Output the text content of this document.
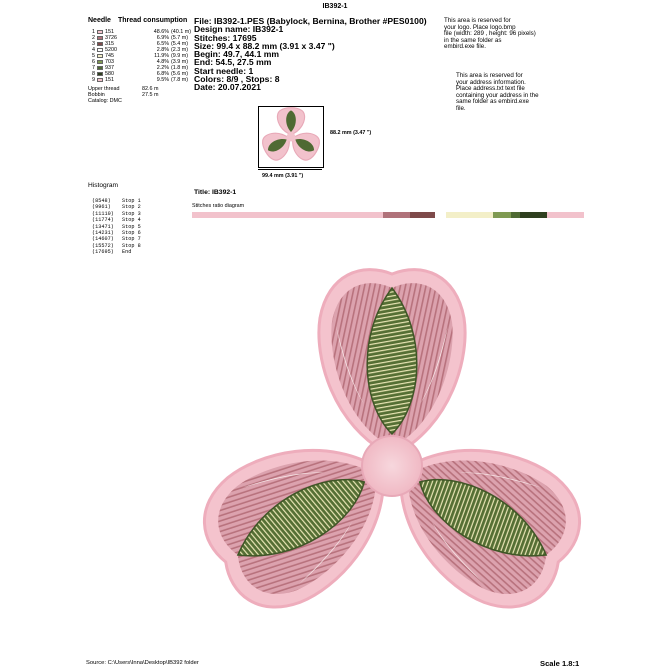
IB392-1
Needle Thread consumption
1 151	48.6% (40.1 m)
2 3726	6.9% (5.7 m)
3 315	6.5% (5.4 m)
4 5200	2.8% (2.3 m)
5 745	11.9% (9.9 m)
6 703	4.8% (3.9 m)
7 937	2.2% (1.8 m)
8 580	6.8% (5.6 m)
9 151	9.5% (7.8 m)
Upper thread	82.6 m
Bobbin	27.5 m
Catalog: DMC
File: IB392-1.PES (Babylock, Bernina, Brother #PES0100)
Design name: IB392-1
Stitches: 17695
Size: 99.4 x 88.2 mm (3.91 x 3.47 ")
Begin: 49.7, 44.1 mm
End: 54.5, 27.5 mm
Start needle: 1
Colors: 8/9 , Stops: 8
Date: 20.07.2021
This area is reserved for
your logo. Place logo.bmp
file (width: 289 , height: 96 pixels)
in the same folder as
embird.exe file.
This area is reserved for
your address information.
Place address.txt text file
containing your address in the
same folder as embird.exe
file.
88.2 mm (3.47 ")
99.4 mm (3.91 ")
Histogram
(8548) Stop 1
(9961) Stop 2
(11110) Stop 3
(11774) Stop 4
(13471) Stop 5
(14231) Stop 6
(14607) Stop 7
(15572) Stop 8
(17695) End
Title: IB392-1
Stitches ratio diagram
Source: C:\Users\Inna\Desktop\IB392 folder	Scale 1.8:1
